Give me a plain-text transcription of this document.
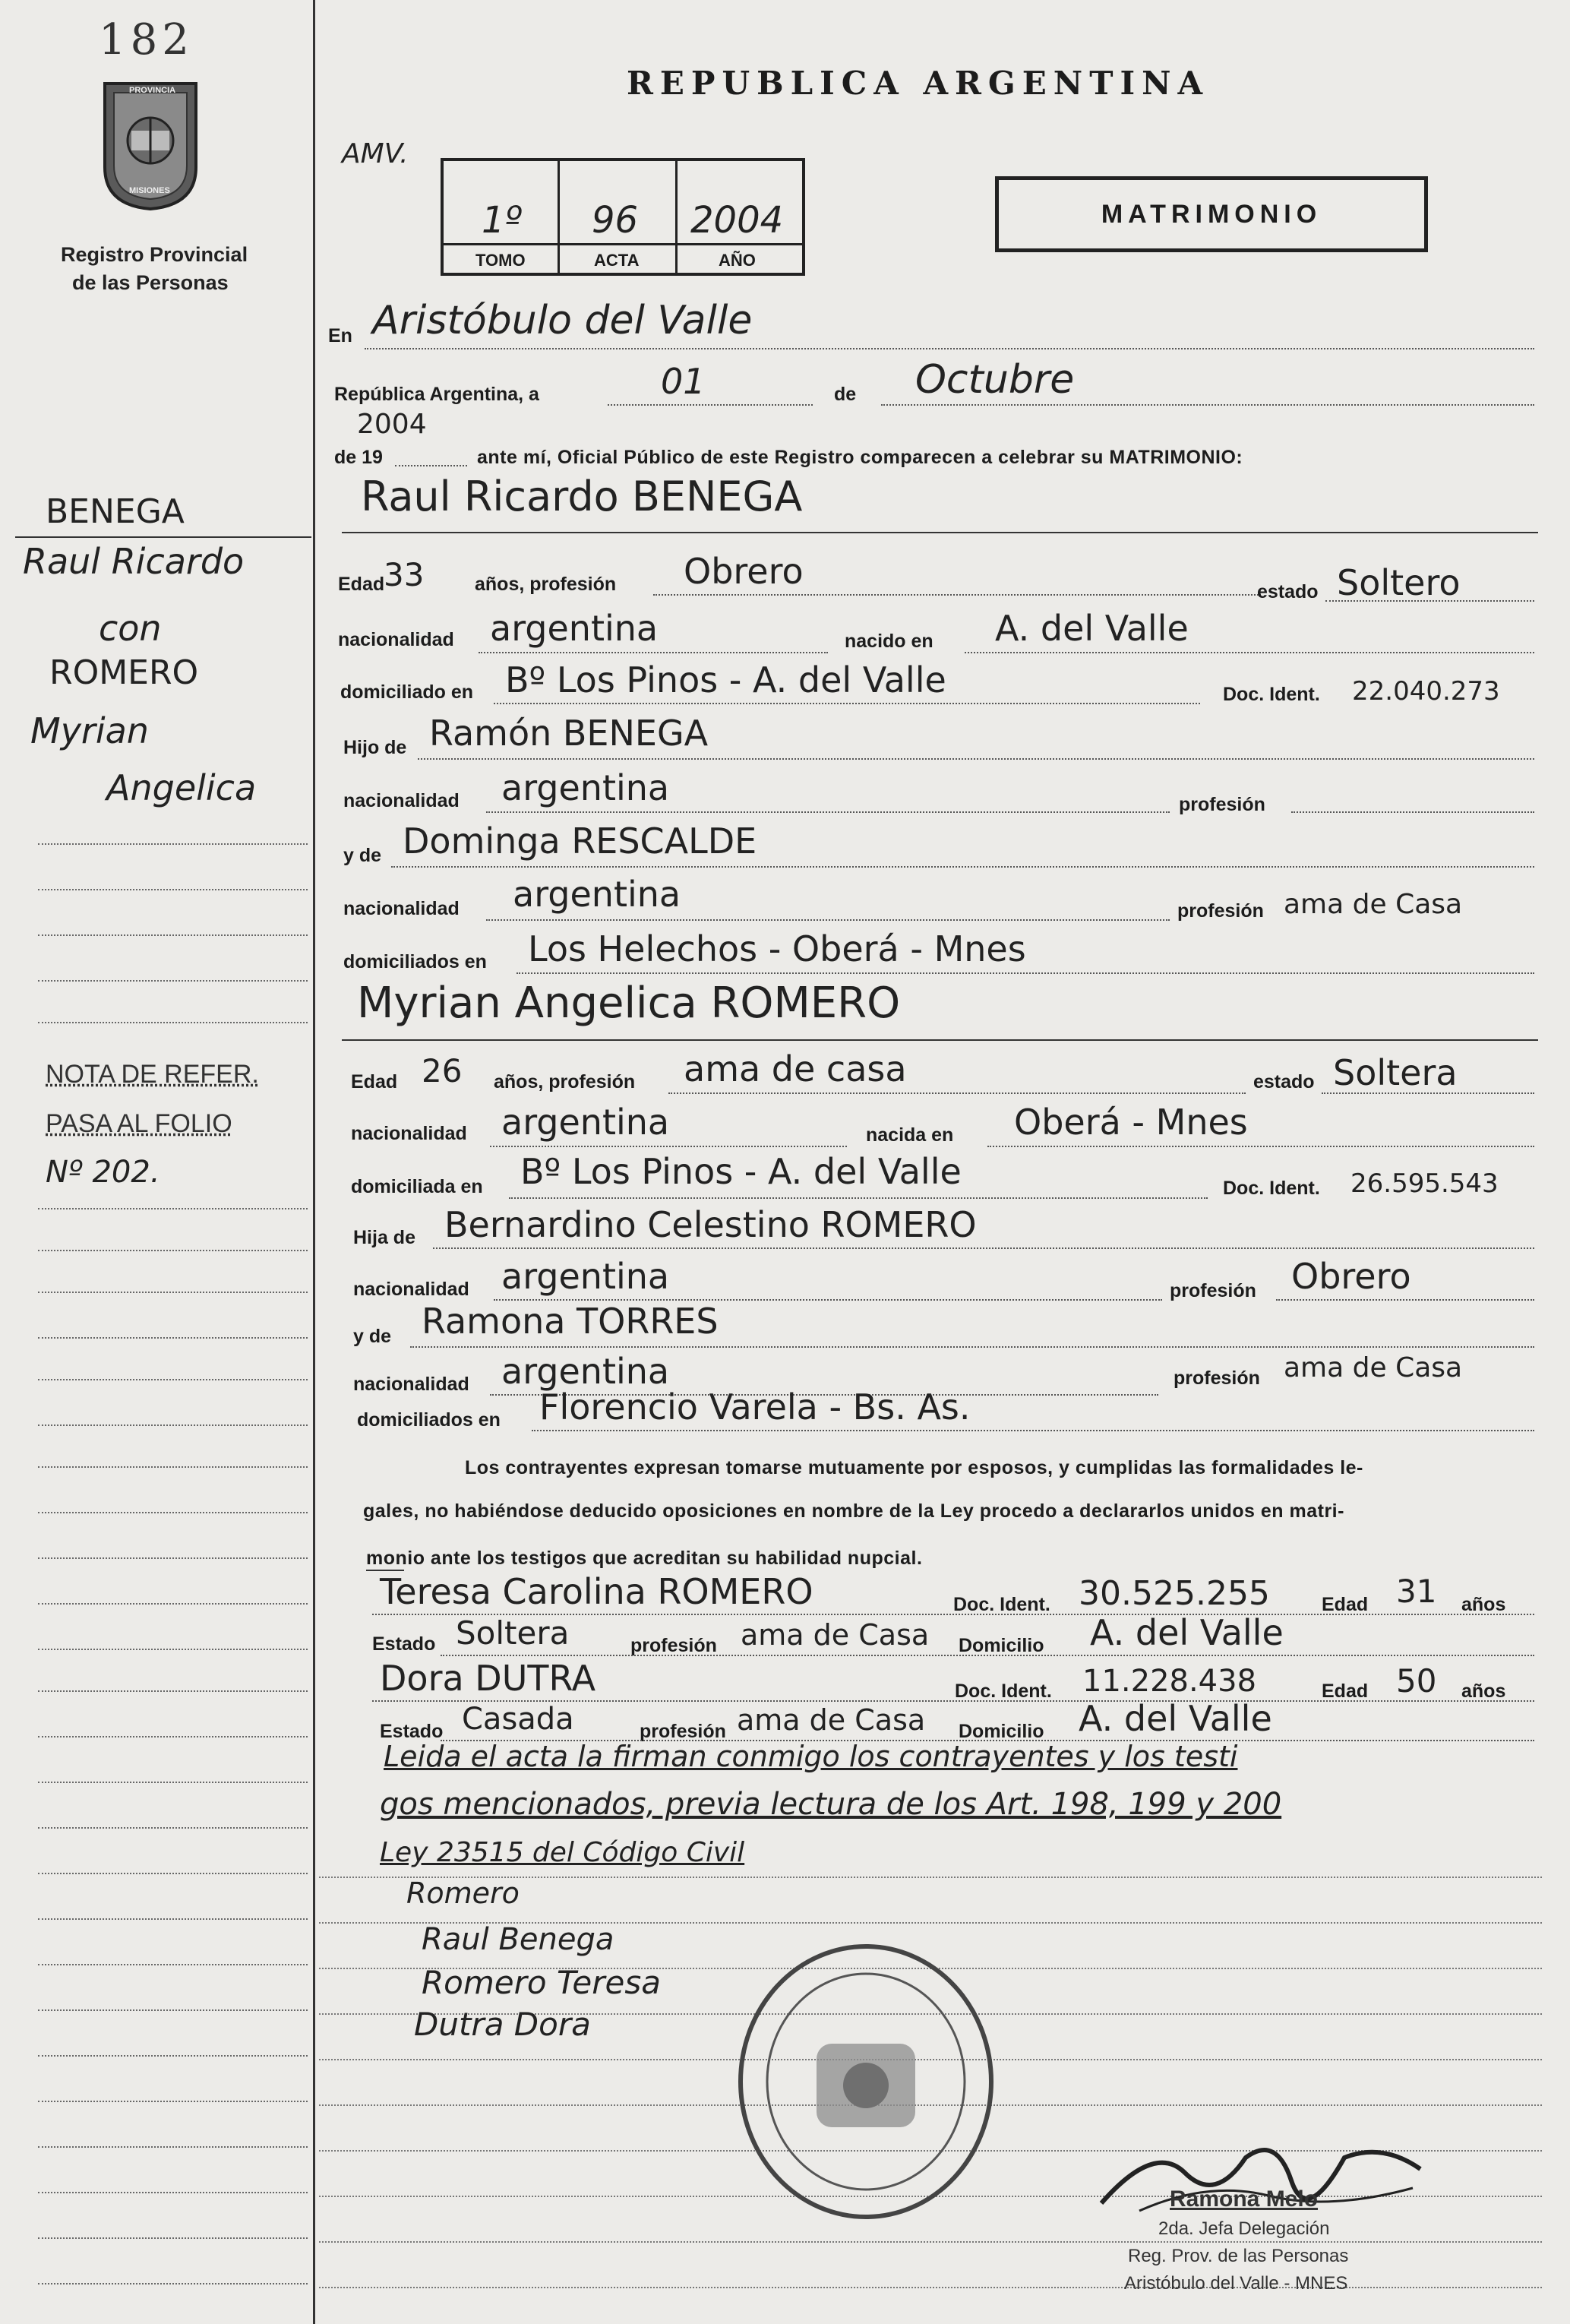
182
PROVINCIA
MISIONES
Registro Provincial
de las Personas
REPUBLICA ARGENTINA
AMV.
1º 96 2004
TOMO	ACTA	AÑO
MATRIMONIO
BENEGA
Raul Ricardo
con
ROMERO
Myrian
Angelica
NOTA DE REFER.
PASA AL FOLIO
Nº 202.
En Aristóbulo del Valle
República Argentina, a	01	de Octubre
2004
de 19	ante mí, Oficial Público de este Registro comparecen a celebrar su MATRIMONIO:
Raul Ricardo BENEGA
Edad
33	años, profesión Obrero	estado Soltero
nacionalidad argentina	nacido en A. del Valle
domiciliado en Bº Los Pinos - A. del Valle	Doc. Ident. 22.040.273
Hijo de Ramón BENEGA
nacionalidad argentina	profesión
y de Dominga RESCALDE
nacionalidad argentina	profesión ama de Casa
domiciliados en Los Helechos - Oberá - Mnes
Myrian Angelica ROMERO
Edad 26 años, profesión ama de casa	estado Soltera
nacionalidad argentina	nacida en Oberá - Mnes
domiciliada en Bº Los Pinos - A. del Valle	Doc. Ident. 26.595.543
Hija de Bernardino Celestino ROMERO
nacionalidad argentina	profesión Obrero
y de Ramona TORRES
nacionalidad argentina	profesión ama de Casa
domiciliados en Florencio Varela - Bs. As.
Los contrayentes expresan tomarse mutuamente por esposos, y cumplidas las formalidades le-
gales, no habiéndose deducido oposiciones en nombre de la Ley procedo a declararlos unidos en matri-
monio ante los testigos que acreditan su habilidad nupcial.
Teresa Carolina ROMERO	Doc. Ident. 30.525.255	Edad 31 años
Estado Soltera	profesión ama de Casa Domicilio A. del Valle
Dora DUTRA	Doc. Ident. 11.228.438	Edad 50 años
Estado Casada	profesión ama de Casa Domicilio A. del Valle
Leida el acta la firman conmigo los contrayentes y los testi
gos mencionados, previa lectura de los Art. 198, 199 y 200
Ley 23515 del Código Civil
Romero
Raul Benega
Romero Teresa
Dutra Dora
Ramona Melo
2da. Jefa Delegación
Reg. Prov. de las Personas
Aristóbulo del Valle - MNES
